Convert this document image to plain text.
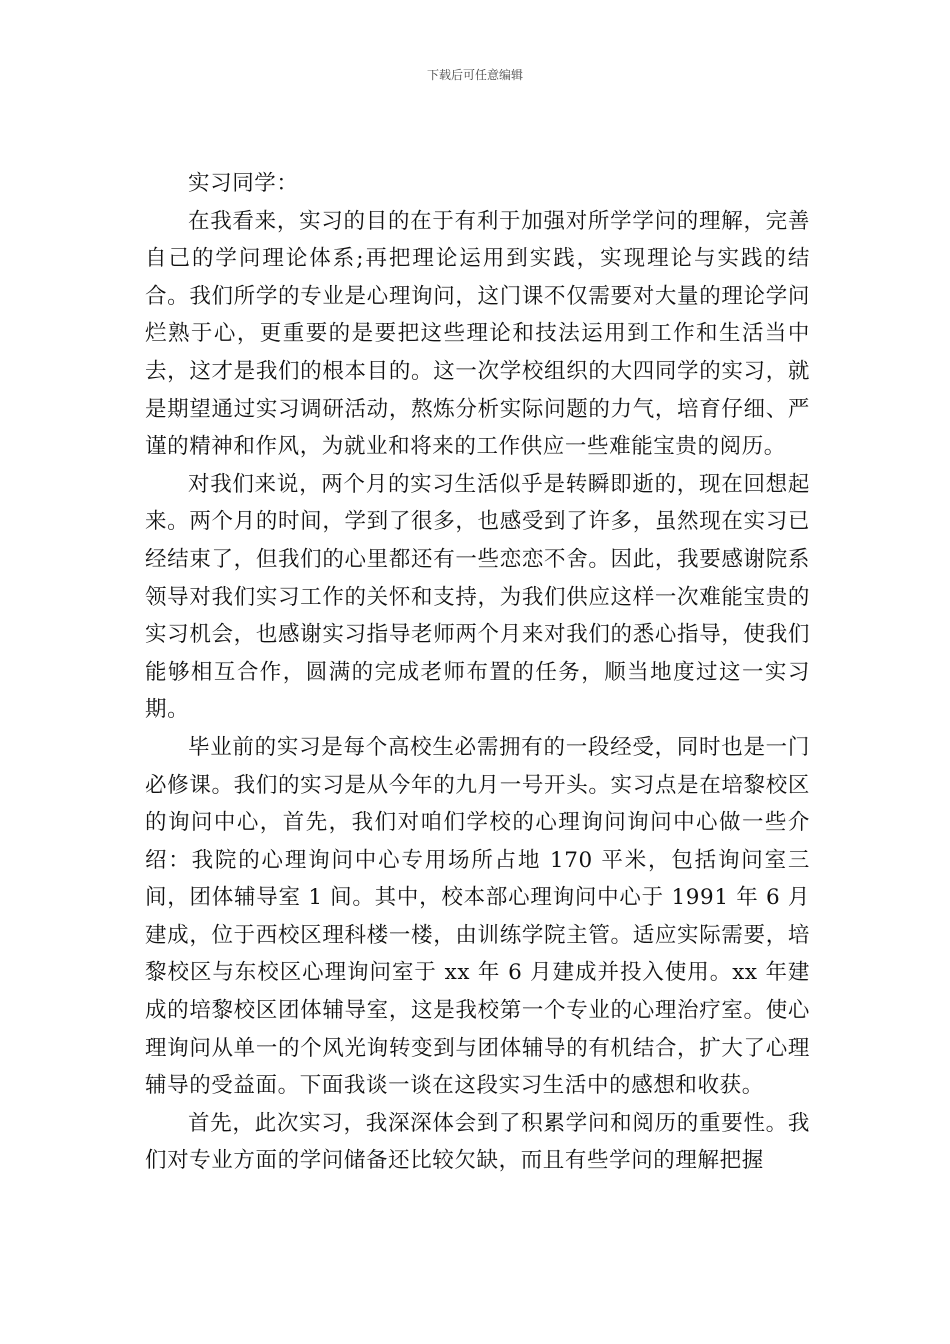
下载后可任意编辑

实习同学：

在我看来，实习的目的在于有利于加强对所学学问的理解，完善自己的学问理论体系;再把理论运用到实践，实现理论与实践的结合。我们所学的专业是心理询问，这门课不仅需要对大量的理论学问烂熟于心，更重要的是要把这些理论和技法运用到工作和生活当中去，这才是我们的根本目的。这一次学校组织的大四同学的实习，就是期望通过实习调研活动，熬炼分析实际问题的力气，培育仔细、严谨的精神和作风，为就业和将来的工作供应一些难能宝贵的阅历。

对我们来说，两个月的实习生活似乎是转瞬即逝的，现在回想起来。两个月的时间，学到了很多，也感受到了许多，虽然现在实习已经结束了，但我们的心里都还有一些恋恋不舍。因此，我要感谢院系领导对我们实习工作的关怀和支持，为我们供应这样一次难能宝贵的实习机会，也感谢实习指导老师两个月来对我们的悉心指导，使我们能够相互合作，圆满的完成老师布置的任务，顺当地度过这一实习期。

毕业前的实习是每个高校生必需拥有的一段经受，同时也是一门必修课。我们的实习是从今年的九月一号开头。实习点是在培黎校区的询问中心，首先，我们对咱们学校的心理询问询问中心做一些介绍：我院的心理询问中心专用场所占地 170 平米，包括询问室三间，团体辅导室 1 间。其中，校本部心理询问中心于 1991 年 6 月建成，位于西校区理科楼一楼，由训练学院主管。适应实际需要，培黎校区与东校区心理询问室于 xx 年 6 月建成并投入使用。xx 年建成的培黎校区团体辅导室，这是我校第一个专业的心理治疗室。使心理询问从单一的个风光询转变到与团体辅导的有机结合，扩大了心理辅导的受益面。下面我谈一谈在这段实习生活中的感想和收获。

首先，此次实习，我深深体会到了积累学问和阅历的重要性。我们对专业方面的学问储备还比较欠缺，而且有些学问的理解把握
